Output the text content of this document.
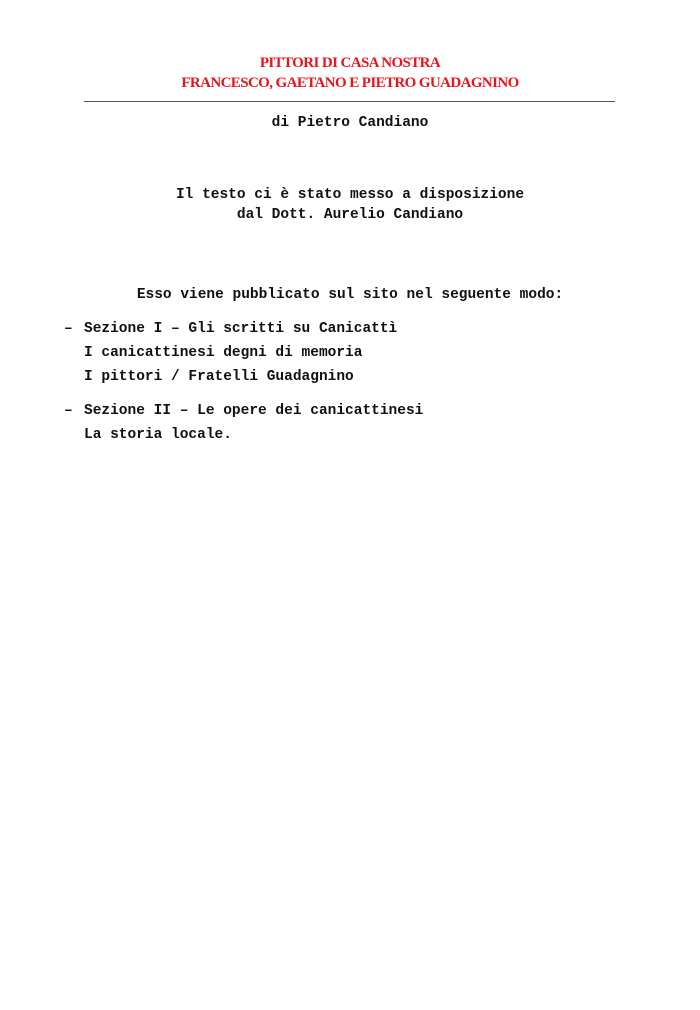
PITTORI DI CASA NOSTRA
FRANCESCO, GAETANO E PIETRO GUADAGNINO
di Pietro Candiano
Il testo ci è stato messo a disposizione
dal Dott. Aurelio Candiano
Esso viene pubblicato sul sito nel seguente modo:
– Sezione I – Gli scritti su Canicattì
I canicattinesi degni di memoria
I pittori / Fratelli Guadagnino
– Sezione II – Le opere dei canicattinesi
La storia locale.
